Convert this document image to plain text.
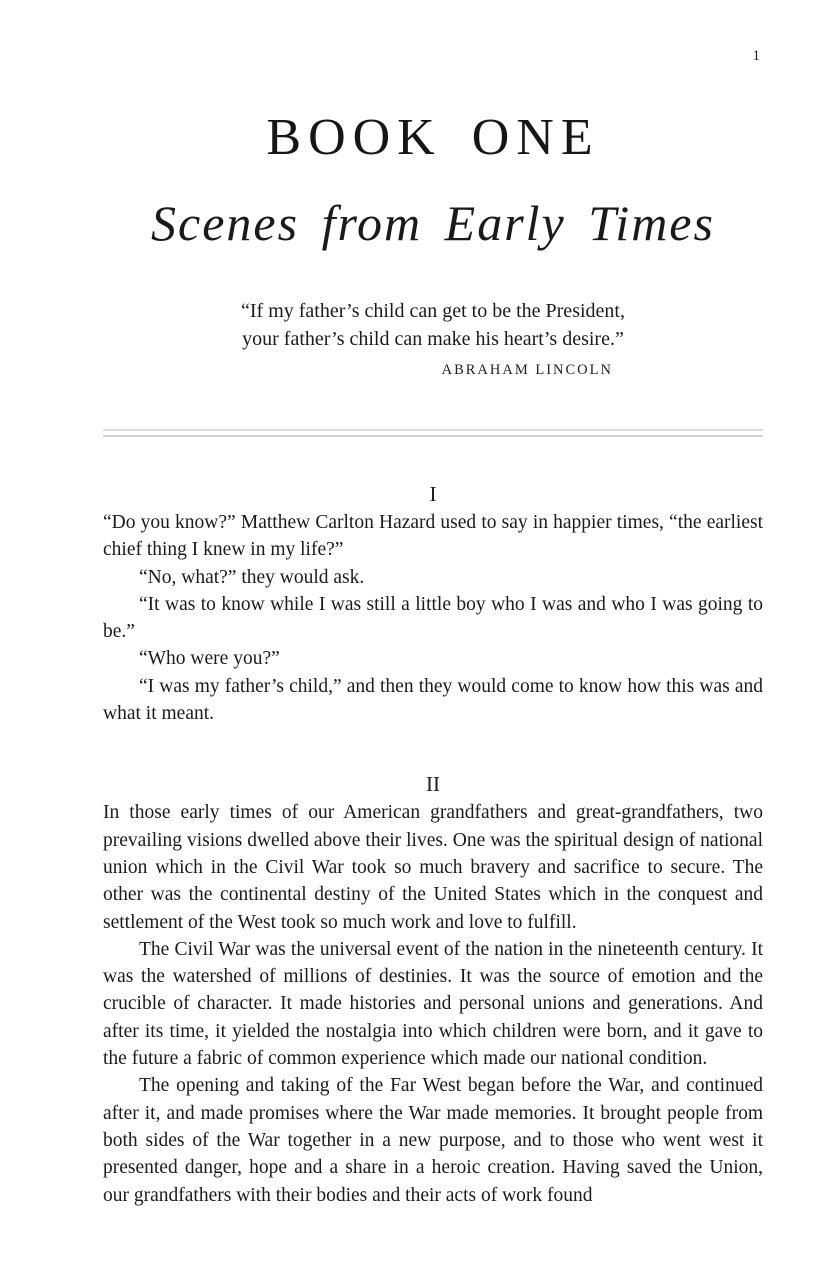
1
BOOK ONE
Scenes from Early Times
“If my father’s child can get to be the President,
your father’s child can make his heart’s desire.”
ABRAHAM LINCOLN
I

“Do you know?” Matthew Carlton Hazard used to say in happier times, “the earliest chief thing I knew in my life?”

“No, what?” they would ask.

“It was to know while I was still a little boy who I was and who I was going to be.”

“Who were you?”

“I was my father’s child,” and then they would come to know how this was and what it meant.

II

In those early times of our American grandfathers and great-grandfathers, two prevailing visions dwelled above their lives. One was the spiritual design of national union which in the Civil War took so much bravery and sacrifice to secure. The other was the continental destiny of the United States which in the conquest and settlement of the West took so much work and love to fulfill.

The Civil War was the universal event of the nation in the nineteenth century. It was the watershed of millions of destinies. It was the source of emotion and the crucible of character. It made histories and personal unions and generations. And after its time, it yielded the nostalgia into which children were born, and it gave to the future a fabric of common experience which made our national condition.

The opening and taking of the Far West began before the War, and continued after it, and made promises where the War made memories. It brought people from both sides of the War together in a new purpose, and to those who went west it presented danger, hope and a share in a heroic creation. Having saved the Union, our grandfathers with their bodies and their acts of work found
